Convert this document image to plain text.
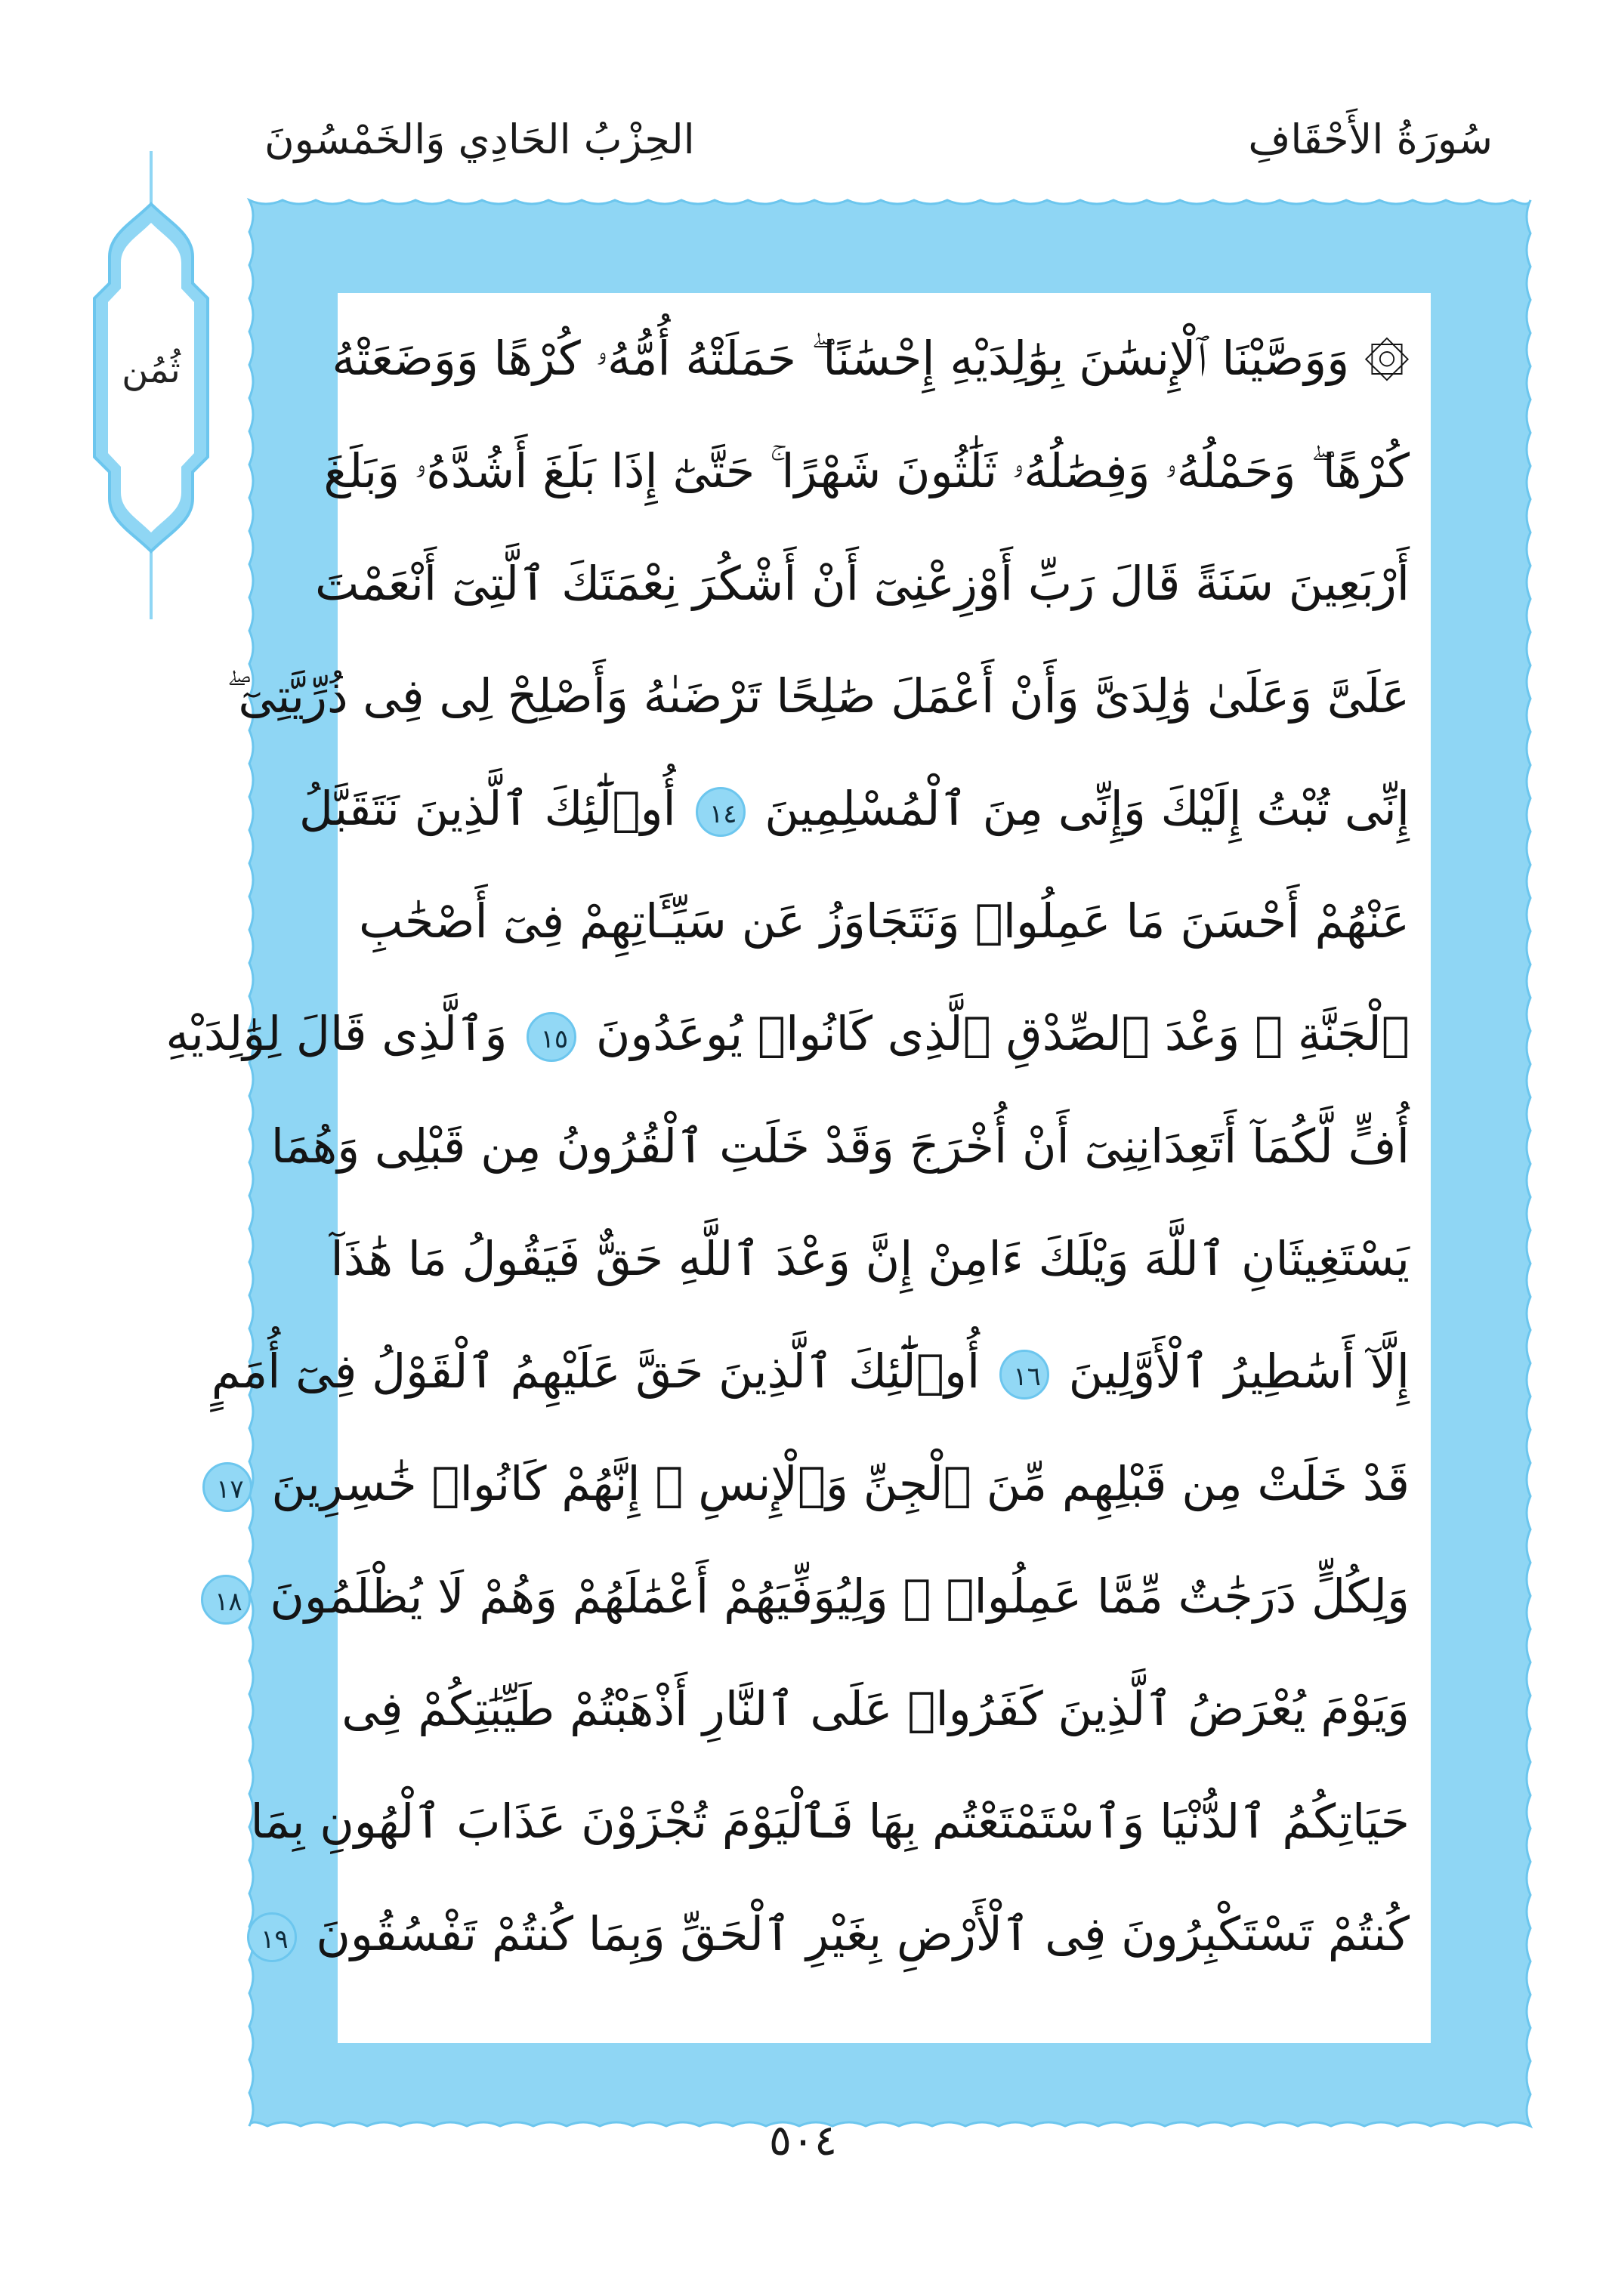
سُورَةُ الأَحْقَافِ
الحِزْبُ الحَادِي وَالخَمْسُونَ
ثُمُن	۞ وَوَصَّيْنَا ٱلْإِنسَٰنَ بِوَٰلِدَيْهِ إِحْسَٰنًا ۖ حَمَلَتْهُ أُمُّهُۥ كُرْهًا وَوَضَعَتْهُ
كُرْهًا ۖ وَحَمْلُهُۥ وَفِصَٰلُهُۥ ثَلَٰثُونَ شَهْرًا ۚ حَتَّىٰٓ إِذَا بَلَغَ أَشُدَّهُۥ وَبَلَغَ
أَرْبَعِينَ سَنَةً قَالَ رَبِّ أَوْزِعْنِىٓ أَنْ أَشْكُرَ نِعْمَتَكَ ٱلَّتِىٓ أَنْعَمْتَ
عَلَىَّ وَعَلَىٰ وَٰلِدَىَّ وَأَنْ أَعْمَلَ صَٰلِحًا تَرْضَىٰهُ وَأَصْلِحْ لِى فِى ذُرِّيَّتِىٓ ۖ
إِنِّى تُبْتُ إِلَيْكَ وَإِنِّى مِنَ ٱلْمُسْلِمِينَ ١٤ أُو۟لَٰٓئِكَ ٱلَّذِينَ نَتَقَبَّلُ
عَنْهُمْ أَحْسَنَ مَا عَمِلُوا۟ وَنَتَجَاوَزُ عَن سَيِّـَٔاتِهِمْ فِىٓ أَصْحَٰبِ
ٱلْجَنَّةِ ۖ وَعْدَ ٱلصِّدْقِ ٱلَّذِى كَانُوا۟ يُوعَدُونَ ١٥ وَٱلَّذِى قَالَ لِوَٰلِدَيْهِ
أُفٍّ لَّكُمَآ أَتَعِدَانِنِىٓ أَنْ أُخْرَجَ وَقَدْ خَلَتِ ٱلْقُرُونُ مِن قَبْلِى وَهُمَا
يَسْتَغِيثَانِ ٱللَّهَ وَيْلَكَ ءَامِنْ إِنَّ وَعْدَ ٱللَّهِ حَقٌّ فَيَقُولُ مَا هَٰذَآ
إِلَّآ أَسَٰطِيرُ ٱلْأَوَّلِينَ ١٦ أُو۟لَٰٓئِكَ ٱلَّذِينَ حَقَّ عَلَيْهِمُ ٱلْقَوْلُ فِىٓ أُمَمٍ
قَدْ خَلَتْ مِن قَبْلِهِم مِّنَ ٱلْجِنِّ وَٱلْإِنسِ ۖ إِنَّهُمْ كَانُوا۟ خَٰسِرِينَ ١٧
وَلِكُلٍّ دَرَجَٰتٌ مِّمَّا عَمِلُوا۟ ۖ وَلِيُوَفِّيَهُمْ أَعْمَٰلَهُمْ وَهُمْ لَا يُظْلَمُونَ ١٨
وَيَوْمَ يُعْرَضُ ٱلَّذِينَ كَفَرُوا۟ عَلَى ٱلنَّارِ أَذْهَبْتُمْ طَيِّبَٰتِكُمْ فِى
حَيَاتِكُمُ ٱلدُّنْيَا وَٱسْتَمْتَعْتُم بِهَا فَٱلْيَوْمَ تُجْزَوْنَ عَذَابَ ٱلْهُونِ بِمَا
كُنتُمْ تَسْتَكْبِرُونَ فِى ٱلْأَرْضِ بِغَيْرِ ٱلْحَقِّ وَبِمَا كُنتُمْ تَفْسُقُونَ ١٩
٥٠٤
